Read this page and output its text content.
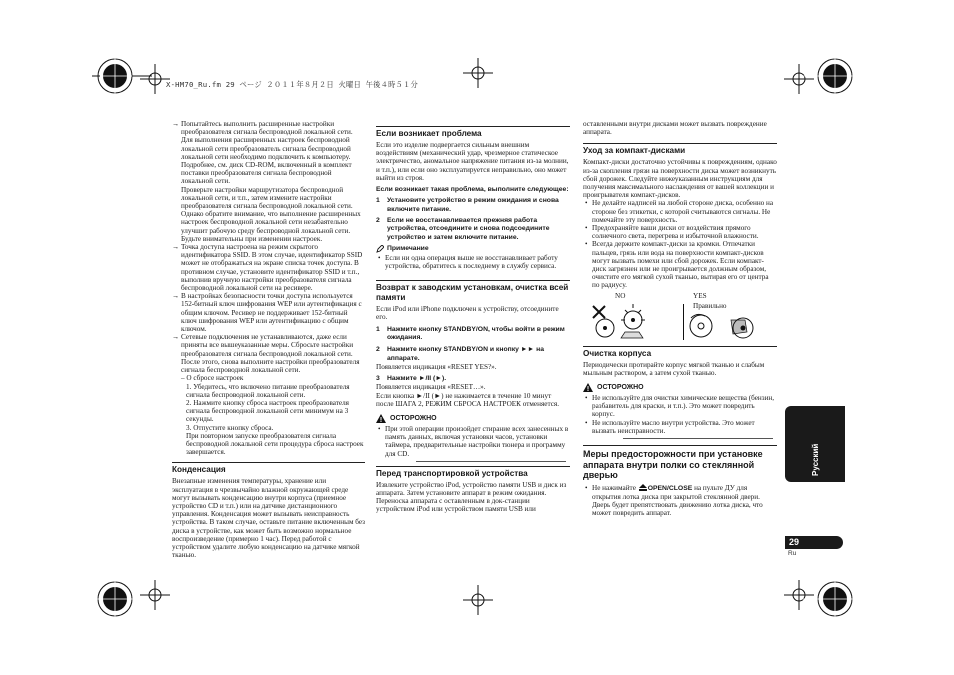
X-HM70_Ru.fm 29 ページ ２０１１年８月２日 火曜日 午後４時５１分

→ Попытайтесь выполнить расширенные настройки преобразователя сигнала беспроводной локальной сети. Для выполнения расширенных настроек беспроводной локальной сети преобразователь сигнала беспроводной локальной сети необходимо подключить к компьютеру. Подробнее, см. диск CD-ROM, включенный в комплект поставки преобразователя сигнала беспроводной локальной сети.

Проверьте настройки маршрутизатора беспроводной локальной сети, и т.п., затем измените настройки преобразователя сигнала беспроводной локальной сети.

Однако обратите внимание, что выполнение расширенных настроек беспроводной локальной сети незабаятельно улучшит рабочую среду беспроводной локальной сети. Будьте внимательны при изменении настроек.

→ Точка доступа настроена на режим скрытого идентификатора SSID. В этом случае, идентификатор SSID может не отображаться на экране списка точек доступа. В противном случае, установите идентификатор SSID и т.п., выполнив вручную настройки преобразователя сигнала беспроводной локальной сети на ресивере.

→ В настройках безопасности точки доступа используется 152-битный ключ шифрования WEP или аутентификация с общим ключом. Ресивер не поддерживает 152-битный ключ шифрования WEP или аутентификацию с общим ключом.

→ Сетевые подключения не устанавливаются, даже если приняты все вышеуказанные меры. Сбросьте настройки преобразователя сигнала беспроводной локальной сети. После этого, снова выполните настройки преобразователя сигнала беспроводной локальной сети.

– О сбросе настроек

1. Убедитесь, что включено питание преобразователя сигнала беспроводной локальной сети.

2. Нажмите кнопку сброса настроек преобразователя сигнала беспроводной локальной сети минимум на 3 секунды.

3. Отпустите кнопку сброса.

При повторном запуске преобразователя сигнала беспроводной локальной сети процедура сброса настроек завершается.

Конденсация

Внезапные изменения температуры, хранение или эксплуатация в чрезвычайно влажной окружающей среде могут вызывать конденсацию внутри корпуса (приемное устройство CD и т.п.) или на датчике дистанционного управления. Конденсация может вызывать неисправность устройства. В таком случае, оставьте питание включенным без диска в устройстве, как может быть возможно нормальное воспроизведение (примерно 1 час). Перед работой с устройством удалите любую конденсацию на датчике мягкой тканью.

Если возникает проблема

Если это изделие подвергается сильным внешним воздействиям (механический удар, чрезмерное статическое электричество, аномальное напряжение питания из-за молнии, и т.п.), или если оно эксплуатируется неправильно, оно может выйти из строя.

Если возникает такая проблема, выполните следующее:

1 Установите устройство в режим ожидания и снова включите питание.

2 Если не восстанавливается прежняя работа устройства, отсоедините и снова подсоедините устройство и затем включите питание.

Примечание

• Если ни одна операция выше не восстанавливает работу устройства, обратитесь к последнему в службу сервиса.

Возврат к заводским установкам, очистка всей памяти

Если iPod или iPhone подключен к устройству, отсоедините его.

1 Нажмите кнопку STANDBY/ON, чтобы войти в режим ожидания.

2 Нажмите кнопку STANDBY/ON и кнопку ►► на аппарате.

Появляется индикация «RESET YES?».

3 Нажмите ►/II (►).

Появляется индикация «RESET…».

Если кнопка ►/II (►) не нажимается в течение 10 минут после ШАГА 2, РЕЖИМ СБРОСА НАСТРОЕК отменяется.

ОСТОРОЖНО

• При этой операции произойдет стирание всех занесенных в память данных, включая установки часов, установки таймера, предварительные настройки тюнера и программу для CD.

Перед транспортировкой устройства

Извлеките устройство iPod, устройство памяти USB и диск из аппарата. Затем установите аппарат в режим ожидания. Переноска аппарата с оставленным в док-станции устройством iPod или устройством памяти USB или

оставленными внутри дисками может вызвать повреждение аппарата.

Уход за компакт-дисками

Компакт-диски достаточно устойчивы к повреждениям, однако из-за скопления грязи на поверхности диска может возникнуть сбой дорожек. Следуйте нижеуказанным инструкциям для получения максимального наслаждения от вашей коллекции и проигрывателя компакт-дисков.

• Не делайте надписей на любой стороне диска, особенно на стороне без этикетки, с которой считываются сигналы. Не помечайте эту поверхность.

• Предохраняйте ваши диски от воздействия прямого солнечного света, перегрева и избыточной влажности.

• Всегда держите компакт-диски за кромки. Отпечатки пальцев, грязь или вода на поверхности компакт-дисков могут вызвать помехи или сбой дорожек. Если компакт-диск загрязнен или не проигрывается должным образом, очистите его мягкой сухой тканью, вытирая его от центра по радиусу.

NO	YES
Правильно
Очистка корпуса

Периодически протирайте корпус мягкой тканью и слабым мыльным раствором, а затем сухой тканью.

ОСТОРОЖНО

• Не используйте для очистки химические вещества (бензин, разбавитель для краски, и т.п.). Это может повредить корпус.

• Не используйте масло внутри устройства. Это может вызвать неисправности.

Меры предосторожности при установке аппарата внутри полки со стеклянной дверью

• Не нажимайте OPEN/CLOSE на пульте ДУ для открытия лотка диска при закрытой стеклянной двери. Дверь будет препятствовать движению лотка диска, что может повредить аппарат.

Русский
29
Ru
